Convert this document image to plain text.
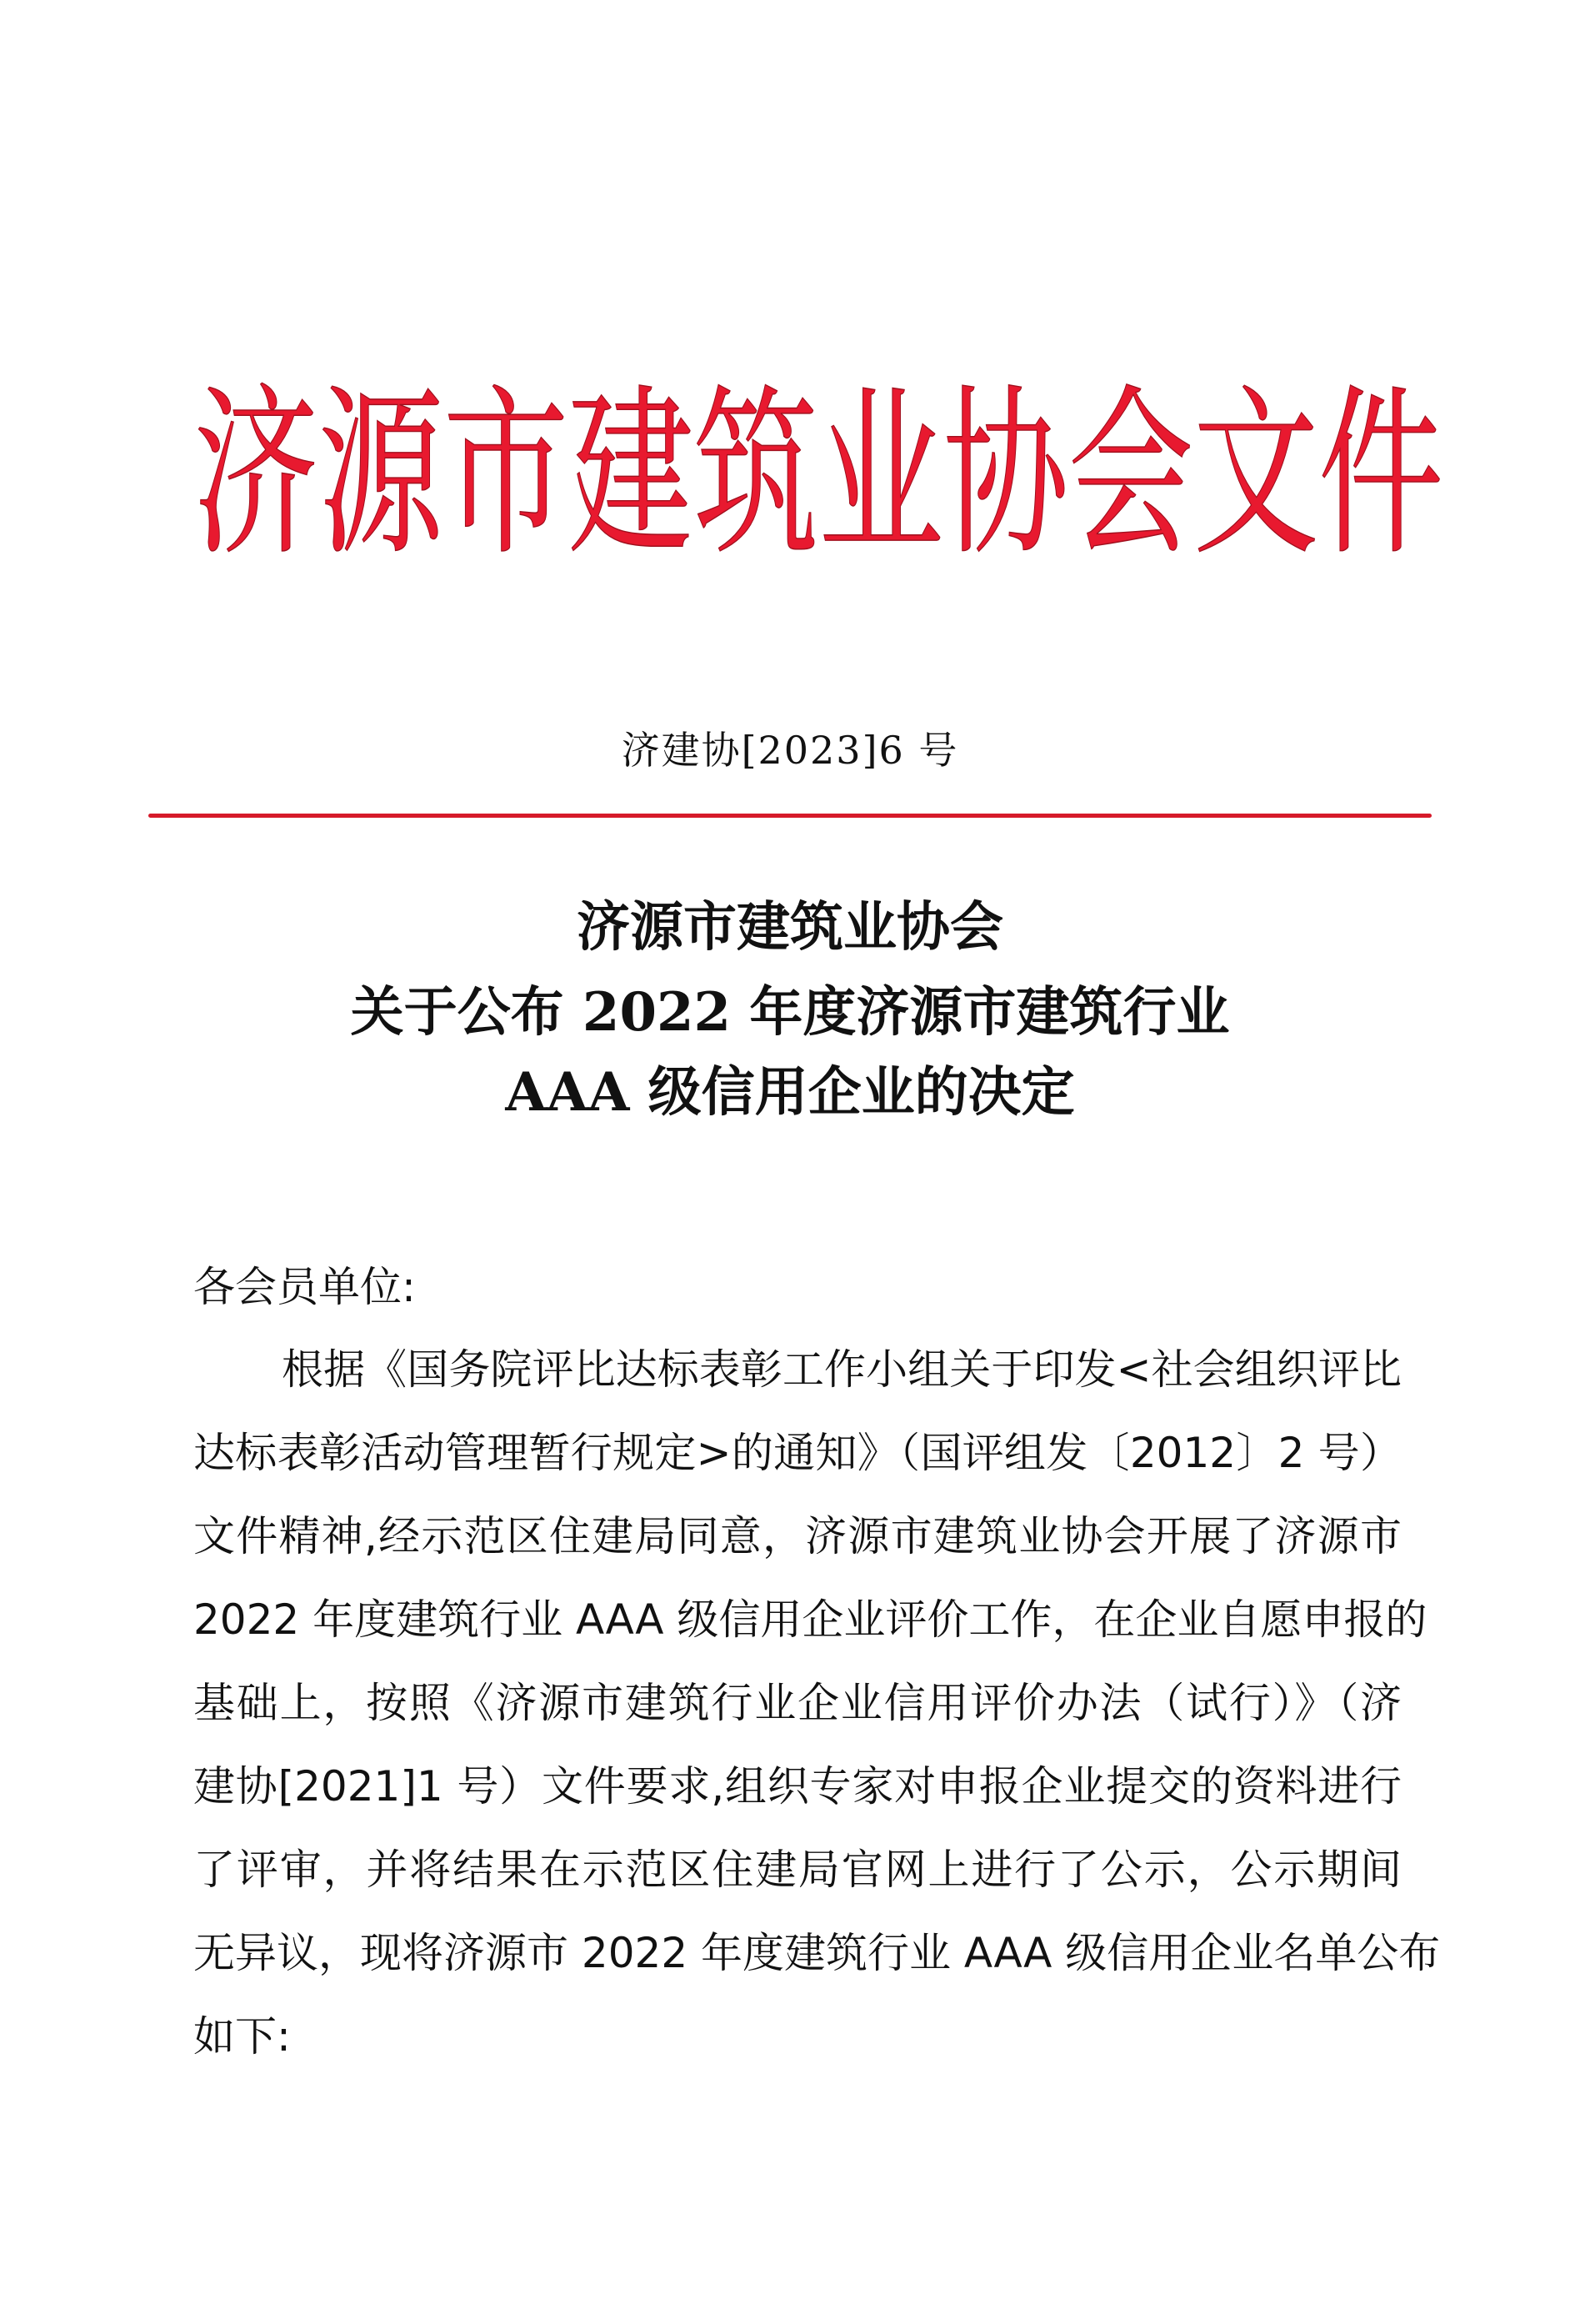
济 源 市 建 筑 业 协 会 文 件
济建协[2023]6 号
济源市建筑业协会
关于公布 2022 年度济源市建筑行业
AAA 级信用企业的决定
各会员单位:
根据《国务院评比达标表彰工作小组关于印发<社会组织评比
达标表彰活动管理暂行规定>的通知》（国评组发〔2012〕2 号）
文件精神,经示范区住建局同意，济源市建筑业协会开展了济源市
2022 年度建筑行业 AAA 级信用企业评价工作，在企业自愿申报的
基础上，按照《济源市建筑行业企业信用评价办法（试行）》（济
建协[2021]1 号）文件要求,组织专家对申报企业提交的资料进行
了评审，并将结果在示范区住建局官网上进行了公示，公示期间
无异议，现将济源市 2022 年度建筑行业 AAA 级信用企业名单公布
如下:
